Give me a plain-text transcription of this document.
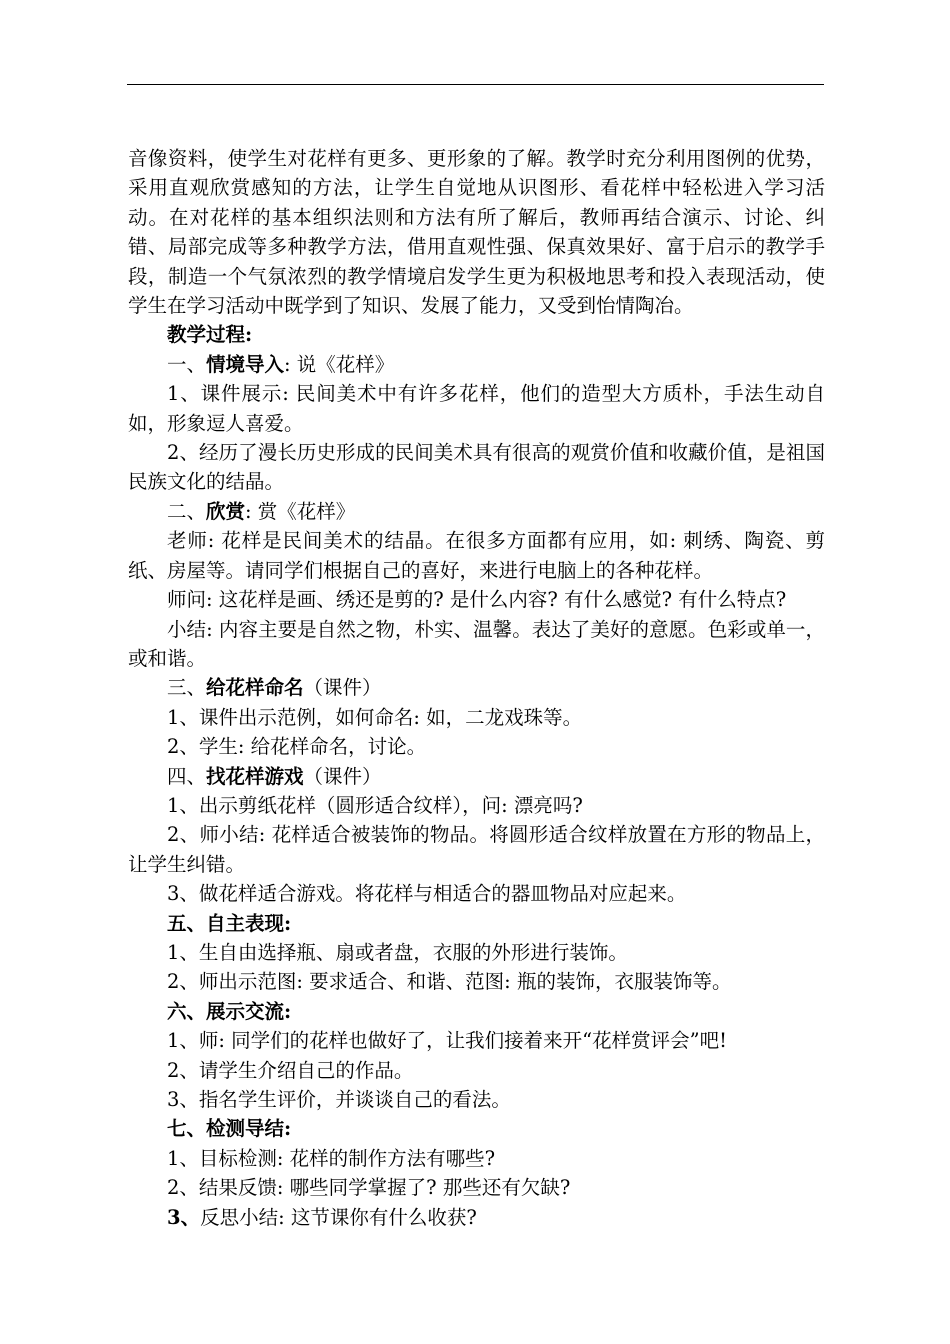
音像资料，使学生对花样有更多、更形象的了解。教学时充分利用图例的优势，采用直观欣赏感知的方法，让学生自觉地从识图形、看花样中轻松进入学习活动。在对花样的基本组织法则和方法有所了解后，教师再结合演示、讨论、纠错、局部完成等多种教学方法，借用直观性强、保真效果好、富于启示的教学手段，制造一个气氛浓烈的教学情境启发学生更为积极地思考和投入表现活动，使学生在学习活动中既学到了知识、发展了能力，又受到怡情陶冶。

教学过程:

一、情境导入: 说《花样》

1、课件展示: 民间美术中有许多花样，他们的造型大方质朴，手法生动自如，形象逗人喜爱。

2、经历了漫长历史形成的民间美术具有很高的观赏价值和收藏价值，是祖国民族文化的结晶。

二、欣赏: 赏《花样》

老师: 花样是民间美术的结晶。在很多方面都有应用，如: 刺绣、陶瓷、剪纸、房屋等。请同学们根据自己的喜好，来进行电脑上的各种花样。

师问: 这花样是画、绣还是剪的? 是什么内容? 有什么感觉? 有什么特点?

小结: 内容主要是自然之物，朴实、温馨。表达了美好的意愿。色彩或单一，或和谐。

三、给花样命名（课件）

1、课件出示范例，如何命名: 如，二龙戏珠等。

2、学生: 给花样命名，讨论。

四、找花样游戏（课件）

1、出示剪纸花样（圆形适合纹样），问: 漂亮吗?

2、师小结: 花样适合被装饰的物品。将圆形适合纹样放置在方形的物品上，让学生纠错。

3、做花样适合游戏。将花样与相适合的器皿物品对应起来。

五、自主表现:

1、生自由选择瓶、扇或者盘，衣服的外形进行装饰。

2、师出示范图: 要求适合、和谐、范图: 瓶的装饰，衣服装饰等。

六、展示交流:

1、师: 同学们的花样也做好了，让我们接着来开“花样赏评会”吧!

2、请学生介绍自己的作品。

3、指名学生评价，并谈谈自己的看法。

七、检测导结:

1、目标检测: 花样的制作方法有哪些?

2、结果反馈: 哪些同学掌握了? 那些还有欠缺?

3、反思小结: 这节课你有什么收获?
